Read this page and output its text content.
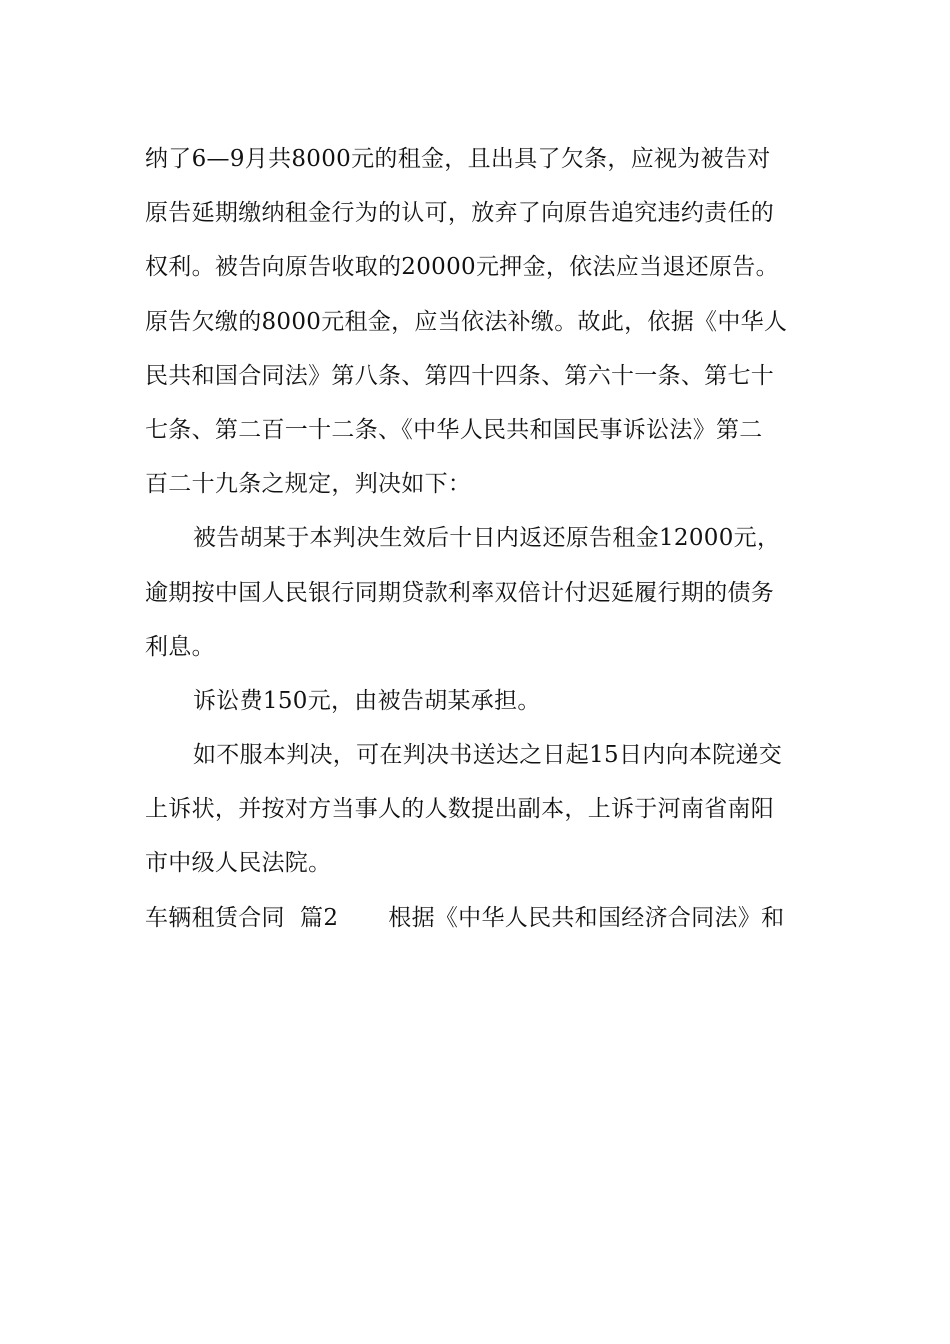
纳了6—9月共8000元的租金，且出具了欠条，应视为被告对
原告延期缴纳租金行为的认可，放弃了向原告追究违约责任的
权利。被告向原告收取的20000元押金，依法应当退还原告。
原告欠缴的8000元租金，应当依法补缴。故此，依据《中华人
民共和国合同法》第八条、第四十四条、第六十一条、第七十
七条、第二百一十二条、《中华人民共和国民事诉讼法》第二
百二十九条之规定，判决如下：
被告胡某于本判决生效后十日内返还原告租金12000元，
逾期按中国人民银行同期贷款利率双倍计付迟延履行期的债务
利息。
诉讼费150元，由被告胡某承担。
如不服本判决，可在判决书送达之日起15日内向本院递交
上诉状，并按对方当事人的人数提出副本，上诉于河南省南阳
市中级人民法院。
车辆租赁合同  篇2 根据《中华人民共和国经济合同法》和
